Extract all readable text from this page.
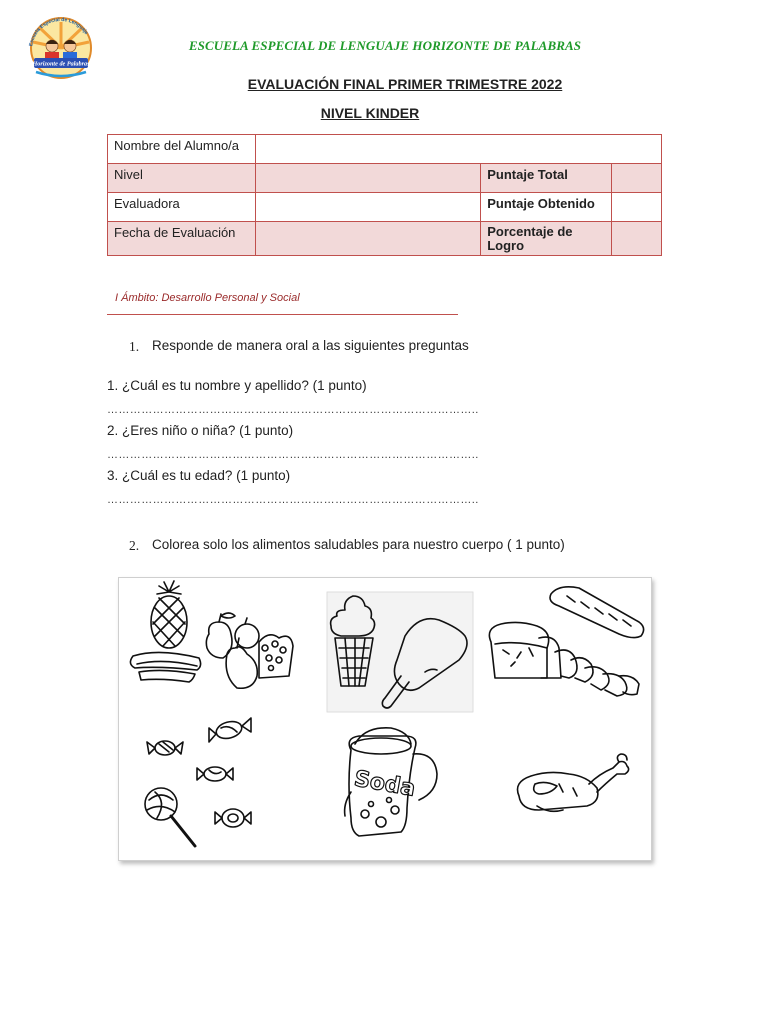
Escuela Especial de Lenguaje
Horizonte de Palabras
ESCUELA ESPECIAL DE LENGUAJE HORIZONTE DE PALABRAS
EVALUACIÓN FINAL PRIMER TRIMESTRE 2022
NIVEL KINDER
Nombre del Alumno/a			
Nivel		Puntaje Total	
Evaluadora		Puntaje Obtenido	
Fecha de Evaluación		Porcentaje de Logro	
I Ámbito: Desarrollo Personal y Social
1. Responde de manera oral a las siguientes preguntas
1. ¿Cuál es tu nombre y apellido? (1 punto)
……………………………………………………………………………………..
2. ¿Eres niño o niña? (1 punto)
……………………………………………………………………………………..
3. ¿Cuál es tu edad? (1 punto)
……………………………………………………………………………………..
2. Colorea solo los alimentos saludables para nuestro cuerpo ( 1 punto)
Soda
